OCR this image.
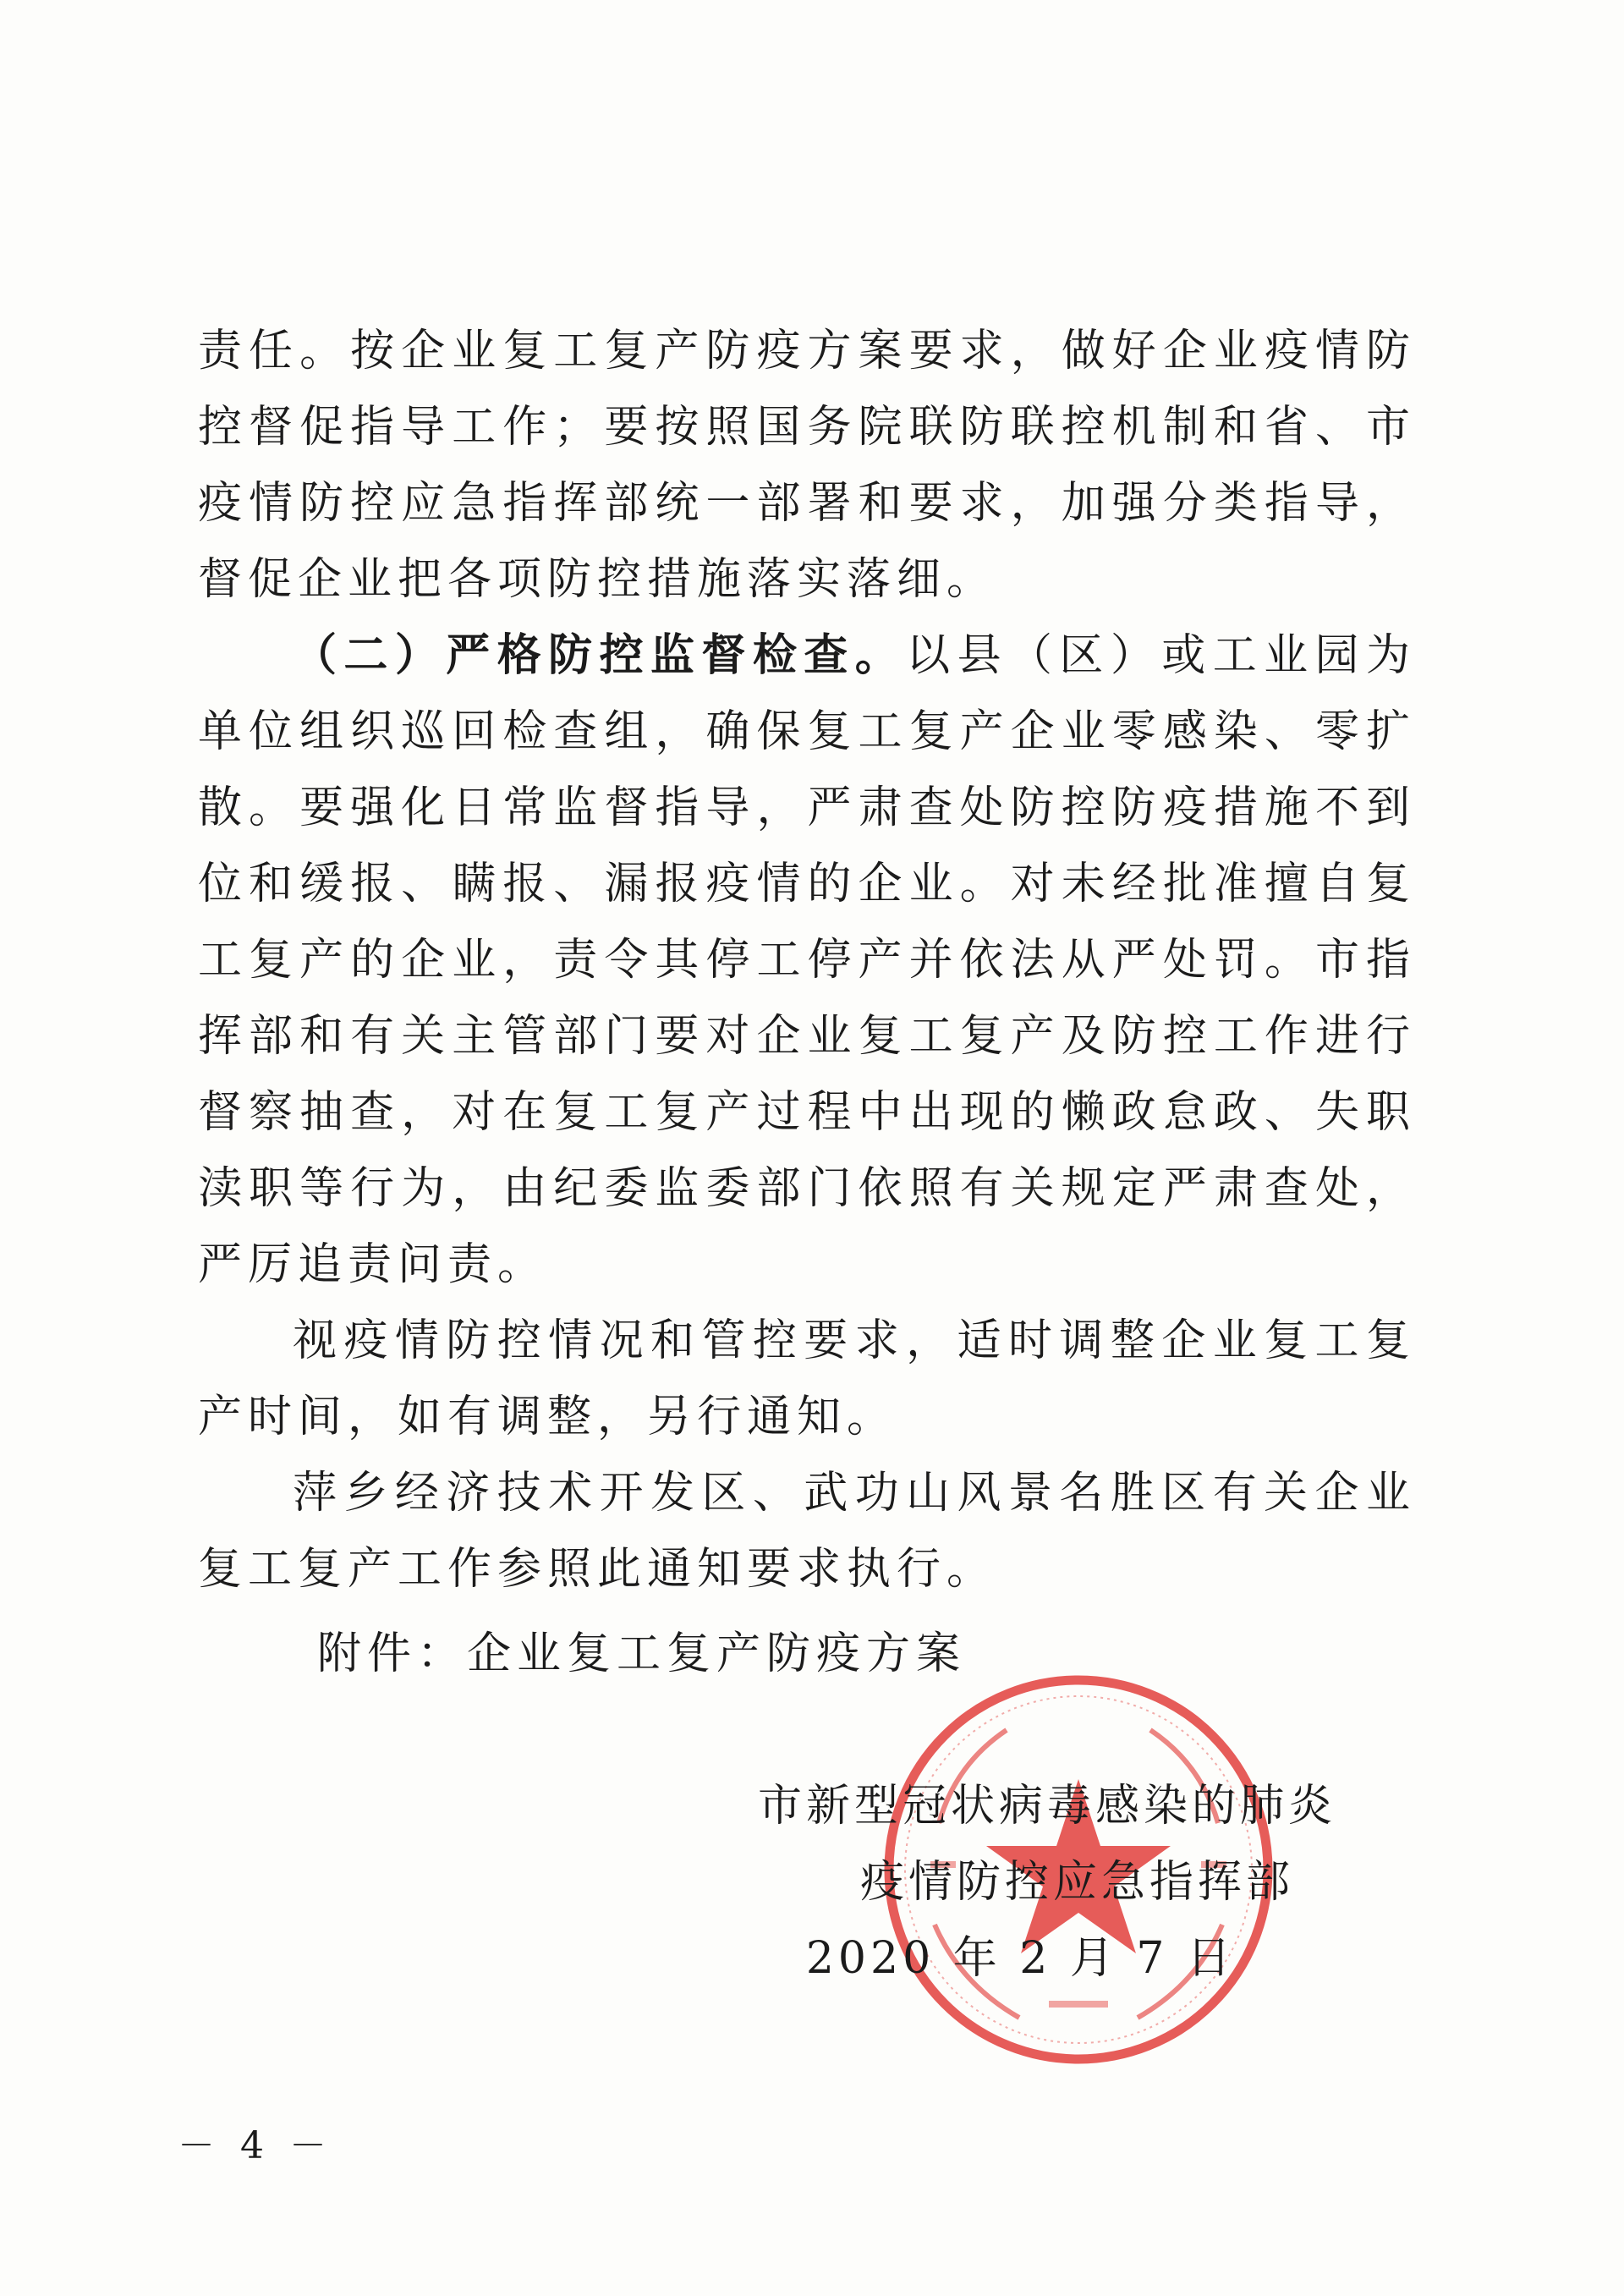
责任。按企业复工复产防疫方案要求，做好企业疫情防控督促指导工作；要按照国务院联防联控机制和省、市疫情防控应急指挥部统一部署和要求，加强分类指导，督促企业把各项防控措施落实落细。

（二）严格防控监督检查。以县（区）或工业园为单位组织巡回检查组，确保复工复产企业零感染、零扩散。要强化日常监督指导，严肃查处防控防疫措施不到位和缓报、瞒报、漏报疫情的企业。对未经批准擅自复工复产的企业，责令其停工停产并依法从严处罚。市指挥部和有关主管部门要对企业复工复产及防控工作进行督察抽查，对在复工复产过程中出现的懒政怠政、失职渎职等行为，由纪委监委部门依照有关规定严肃查处，严厉追责问责。

视疫情防控情况和管控要求，适时调整企业复工复产时间，如有调整，另行通知。

萍乡经济技术开发区、武功山风景名胜区有关企业复工复产工作参照此通知要求执行。

附件：企业复工复产防疫方案
市新型冠状病毒感染的肺炎
疫情防控应急指挥部
2020 年 2 月 7 日
－ 4 －
